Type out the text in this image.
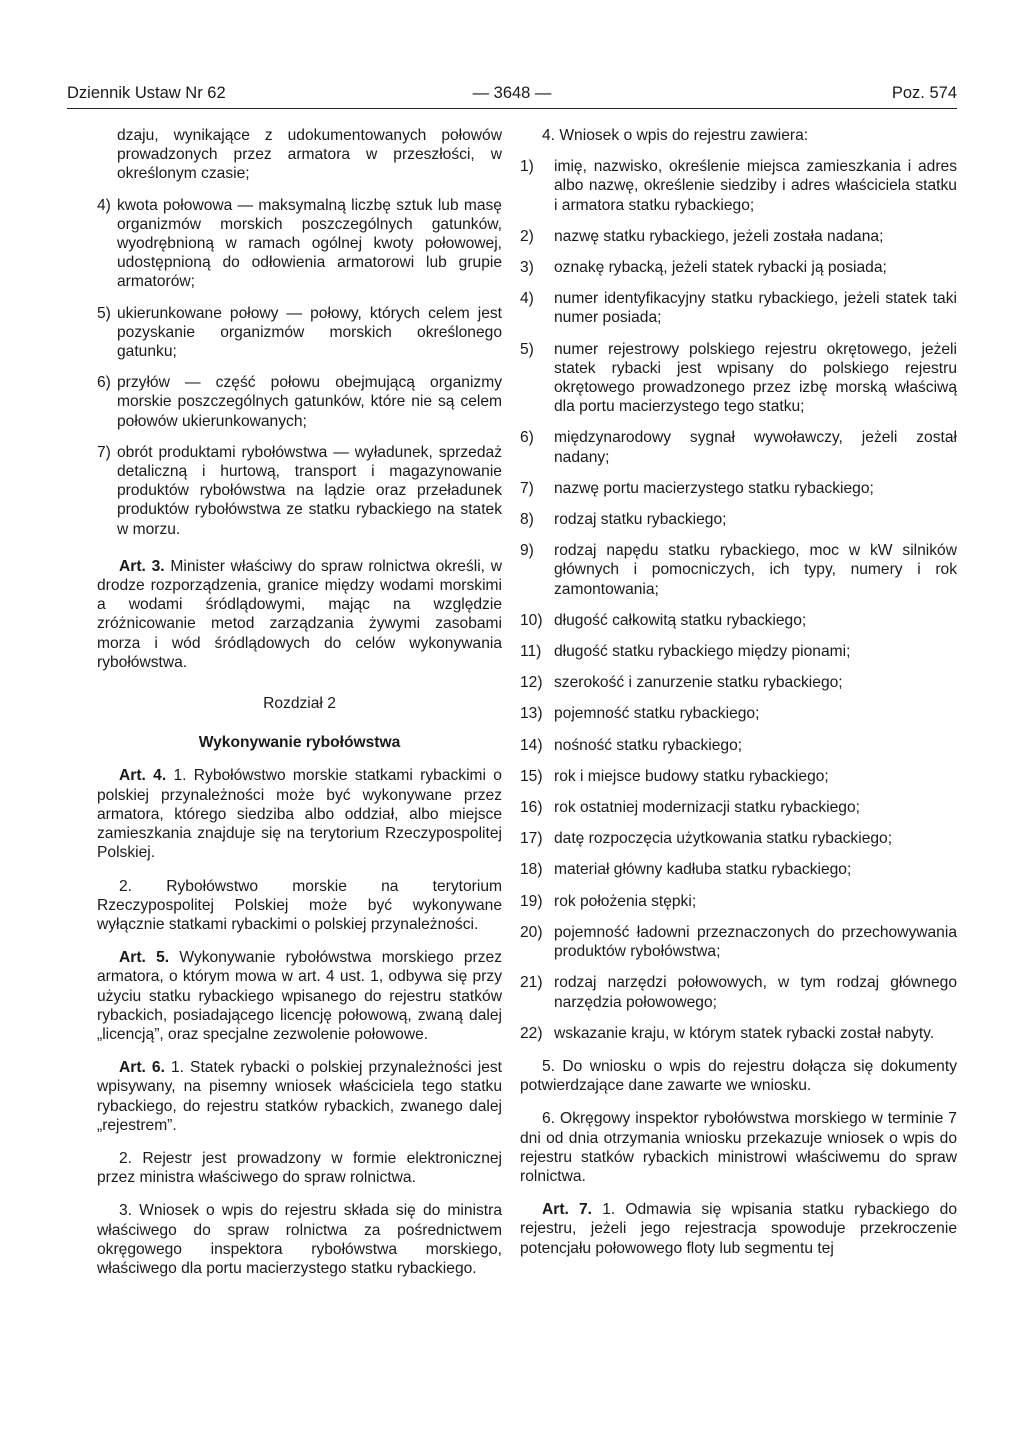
Dziennik Ustaw Nr 62	— 3648 —	Poz. 574

dzaju, wynikające z udokumentowanych połowów prowadzonych przez armatora w przeszłości, w określonym czasie;

4) kwota połowowa — maksymalną liczbę sztuk lub masę organizmów morskich poszczególnych gatunków, wyodrębnioną w ramach ogólnej kwoty połowowej, udostępnioną do odłowienia armatorowi lub grupie armatorów;

5) ukierunkowane połowy — połowy, których celem jest pozyskanie organizmów morskich określonego gatunku;

6) przyłów — część połowu obejmującą organizmy morskie poszczególnych gatunków, które nie są celem połowów ukierunkowanych;

7) obrót produktami rybołówstwa — wyładunek, sprzedaż detaliczną i hurtową, transport i magazynowanie produktów rybołówstwa na lądzie oraz przeładunek produktów rybołówstwa ze statku rybackiego na statek w morzu.

Art. 3. Minister właściwy do spraw rolnictwa określi, w drodze rozporządzenia, granice między wodami morskimi a wodami śródlądowymi, mając na względzie zróżnicowanie metod zarządzania żywymi zasobami morza i wód śródlądowych do celów wykonywania rybołówstwa.

Rozdział 2

Wykonywanie rybołówstwa

Art. 4. 1. Rybołówstwo morskie statkami rybackimi o polskiej przynależności może być wykonywane przez armatora, którego siedziba albo oddział, albo miejsce zamieszkania znajduje się na terytorium Rzeczypospolitej Polskiej.

2. Rybołówstwo morskie na terytorium Rzeczypospolitej Polskiej może być wykonywane wyłącznie statkami rybackimi o polskiej przynależności.

Art. 5. Wykonywanie rybołówstwa morskiego przez armatora, o którym mowa w art. 4 ust. 1, odbywa się przy użyciu statku rybackiego wpisanego do rejestru statków rybackich, posiadającego licencję połowową, zwaną dalej „licencją”, oraz specjalne zezwolenie połowowe.

Art. 6. 1. Statek rybacki o polskiej przynależności jest wpisywany, na pisemny wniosek właściciela tego statku rybackiego, do rejestru statków rybackich, zwanego dalej „rejestrem”.

2. Rejestr jest prowadzony w formie elektronicznej przez ministra właściwego do spraw rolnictwa.

3. Wniosek o wpis do rejestru składa się do ministra właściwego do spraw rolnictwa za pośrednictwem okręgowego inspektora rybołówstwa morskiego, właściwego dla portu macierzystego statku rybackiego.

4. Wniosek o wpis do rejestru zawiera:

1) imię, nazwisko, określenie miejsca zamieszkania i adres albo nazwę, określenie siedziby i adres właściciela statku i armatora statku rybackiego;

2) nazwę statku rybackiego, jeżeli została nadana;

3) oznakę rybacką, jeżeli statek rybacki ją posiada;

4) numer identyfikacyjny statku rybackiego, jeżeli statek taki numer posiada;

5) numer rejestrowy polskiego rejestru okrętowego, jeżeli statek rybacki jest wpisany do polskiego rejestru okrętowego prowadzonego przez izbę morską właściwą dla portu macierzystego tego statku;

6) międzynarodowy sygnał wywoławczy, jeżeli został nadany;

7) nazwę portu macierzystego statku rybackiego;

8) rodzaj statku rybackiego;

9) rodzaj napędu statku rybackiego, moc w kW silników głównych i pomocniczych, ich typy, numery i rok zamontowania;

10) długość całkowitą statku rybackiego;

11) długość statku rybackiego między pionami;

12) szerokość i zanurzenie statku rybackiego;

13) pojemność statku rybackiego;

14) nośność statku rybackiego;

15) rok i miejsce budowy statku rybackiego;

16) rok ostatniej modernizacji statku rybackiego;

17) datę rozpoczęcia użytkowania statku rybackiego;

18) materiał główny kadłuba statku rybackiego;

19) rok położenia stępki;

20) pojemność ładowni przeznaczonych do przechowywania produktów rybołówstwa;

21) rodzaj narzędzi połowowych, w tym rodzaj głównego narzędzia połowowego;

22) wskazanie kraju, w którym statek rybacki został nabyty.

5. Do wniosku o wpis do rejestru dołącza się dokumenty potwierdzające dane zawarte we wniosku.

6. Okręgowy inspektor rybołówstwa morskiego w terminie 7 dni od dnia otrzymania wniosku przekazuje wniosek o wpis do rejestru statków rybackich ministrowi właściwemu do spraw rolnictwa.

Art. 7. 1. Odmawia się wpisania statku rybackiego do rejestru, jeżeli jego rejestracja spowoduje przekroczenie potencjału połowowego floty lub segmentu tej
